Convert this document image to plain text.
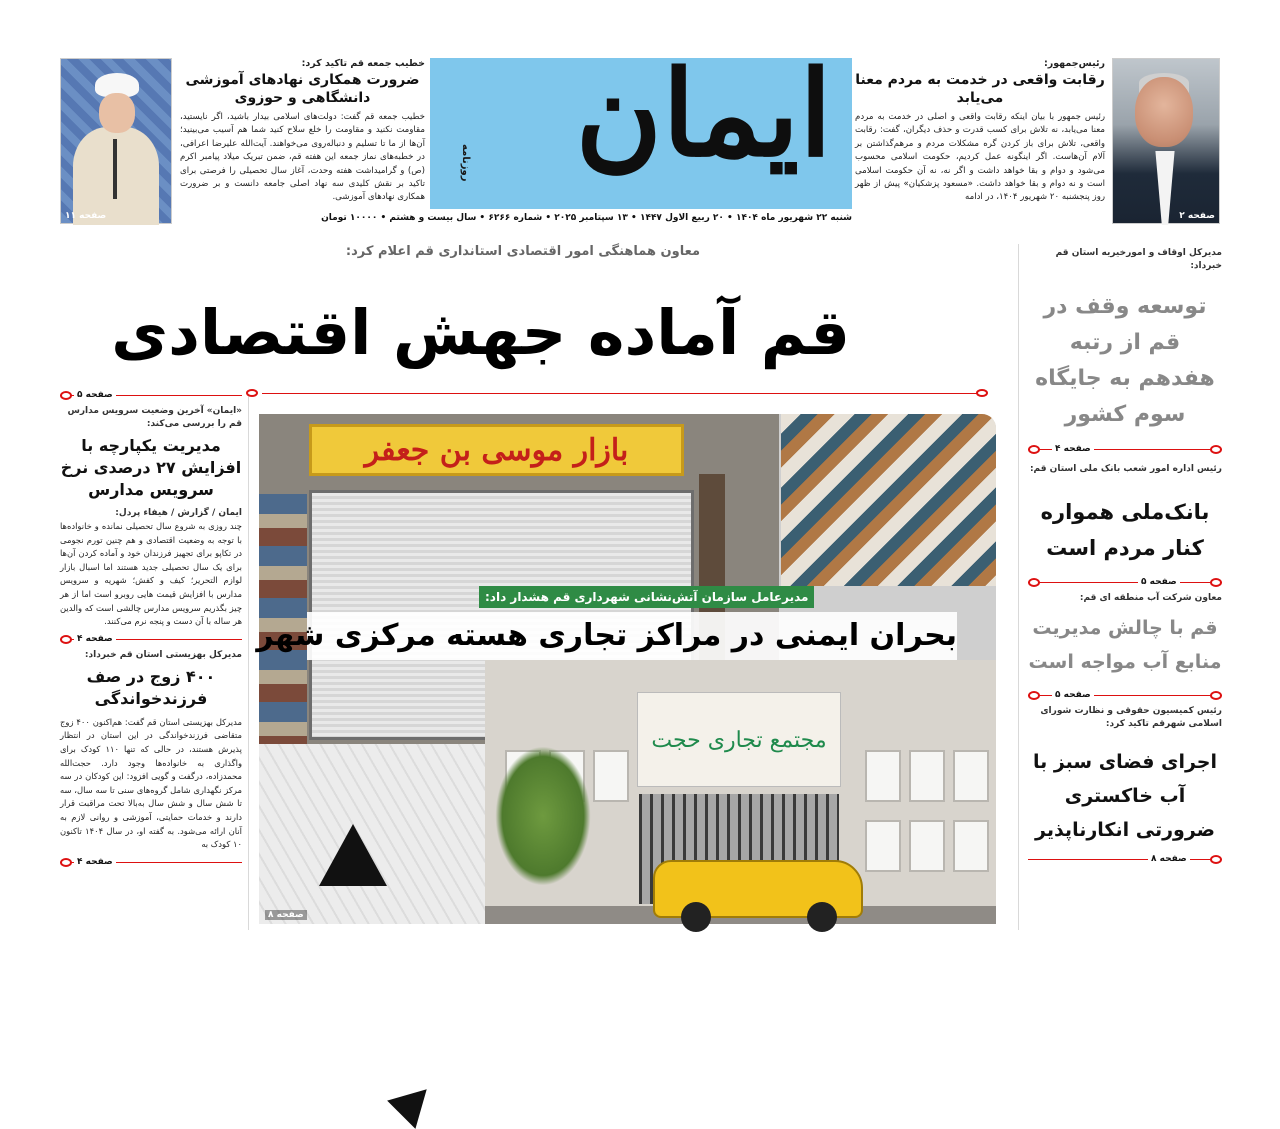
صفحه ۲
رئیس‌جمهور:
رقابت واقعی در خدمت به مردم معنا می‌یابد
رئیس جمهور با بیان اینکه رقابت واقعی و اصلی در خدمت به مردم معنا می‌یابد، نه تلاش برای کسب قدرت و حذف دیگران، گفت: رقابت واقعی، تلاش برای باز کردن گره مشکلات مردم و مرهم‌گذاشتن بر آلام آن‌هاست. اگر اینگونه عمل کردیم، حکومت اسلامی محسوب می‌شود و دوام و بقا خواهد داشت و اگر نه، نه آن حکومت اسلامی است و نه دوام و بقا خواهد داشت. «مسعود پزشکیان» پیش از ظهر روز پنجشنبه ۲۰ شهریور ۱۴۰۴، در ادامه
ایمان
روزنامه
شنبه ۲۲ شهریور ماه ۱۴۰۴ • ۲۰ ربیع الاول ۱۴۴۷ • ۱۳ سپتامبر ۲۰۲۵ • شماره ۶۲۶۶ • سال بیست و هشتم • ۱۰۰۰۰ تومان
خطیب جمعه قم تاکید کرد:
ضرورت همکاری نهادهای آموزشی دانشگاهی و حوزوی
خطیب جمعه قم گفت: دولت‌های اسلامی بیدار باشید، اگر نایستید، مقاومت نکنید و مقاومت را خلع سلاح کنید شما هم آسیب می‌بینید؛ آن‌ها از ما تا تسلیم و دنباله‌روی می‌خواهند. آیت‌الله علیرضا اعرافی، در خطبه‌های نماز جمعه این هفته قم، ضمن تبریک میلاد پیامبر اکرم (ص) و گرامیداشت هفته وحدت، آغاز سال تحصیلی را فرصتی برای تاکید بر نقش کلیدی سه نهاد اصلی جامعه دانست و بر ضرورت همکاری نهادهای آموزشی.
صفحه ۱۱
معاون هماهنگی امور اقتصادی استانداری قم اعلام کرد:
قم آماده جهش اقتصادی
صفحه ۵
«ایمان» آخرین وضعیت سرویس مدارس قم را بررسی می‌کند:
مدیریت یکپارچه با افزایش ۲۷ درصدی نرخ سرویس مدارس
ایمان / گزارش / هیفاء پردل:
چند روزی به شروع سال تحصیلی نمانده و خانواده‌ها با توجه به وضعیت اقتصادی و هم چنین تورم نجومی در تکاپو برای تجهیز فرزندان خود و آماده کردن آن‌ها برای یک سال تحصیلی جدید هستند اما اسبال بازار لوازم التحریر؛ کیف و کفش؛ شهریه و سرویس مدارس با افزایش قیمت هایی روبرو است اما از هر چیز بگذریم سرویس مدارس چالشی است که والدین هر ساله با آن دست و پنجه نرم می‌کنند.
صفحه ۴
مدیرکل بهزیستی استان قم خبرداد:
۴۰۰ زوج در صف فرزندخواندگی
مدیرکل بهزیستی استان قم گفت: هم‌اکنون ۴۰۰ زوج متقاضی فرزندخواندگی در این استان در انتظار پذیرش هستند، در حالی که تنها ۱۱۰ کودک برای واگذاری به خانواده‌ها وجود دارد. حجت‌الله محمدزاده، درگفت و گویی افزود: این کودکان در سه مرکز نگهداری شامل گروه‌های سنی تا سه سال، سه تا شش سال و شش سال به‌بالا تحت مراقبت قرار دارند و خدمات حمایتی، آموزشی و روانی لازم به آنان ارائه می‌شود. به گفته او، در سال ۱۴۰۴ تاکنون ۱۰ کودک به
صفحه ۴
بازار موسی بن جعفر
مجتمع تجاری حجت
مدیرعامل سازمان آتش‌نشانی شهرداری قم هشدار داد:
بحران ایمنی در مراکز تجاری هسته مرکزی شهر
صفحه ۸
مدیرکل اوقاف و امورخیریه استان قم خبرداد:
توسعه وقف در قم از رتبه هفدهم به جایگاه سوم کشور
صفحه ۴
رئیس اداره امور شعب بانک ملی استان قم:
بانک‌ملی همواره کنار مردم است
صفحه ۵
معاون شرکت آب منطقه ای قم:
قم با چالش مدیریت منابع آب مواجه است
صفحه ۵
رئیس کمیسیون حقوقی و نظارت شورای اسلامی شهرقم تاکید کرد:
اجرای فضای سبز با آب خاکستری ضرورتی انکارناپذیر
صفحه ۸
